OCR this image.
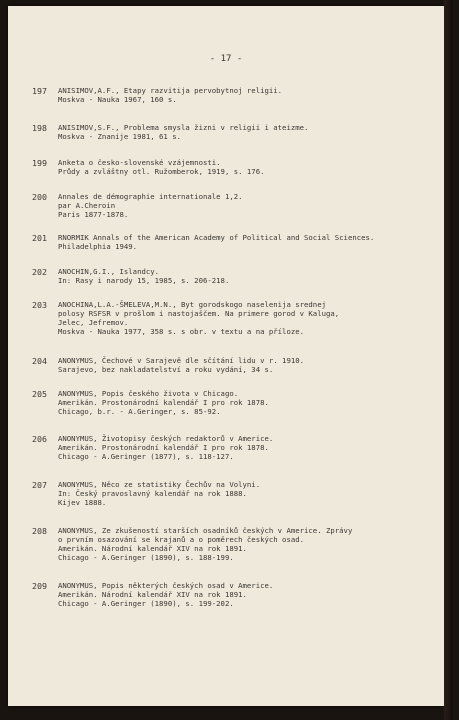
- 17 -
197 ANISIMOV,A.F., Etapy razvitija pervobytnoj religii.
Moskva - Nauka 1967, 160 s.
198 ANISIMOV,S.F., Problema smysla žizni v religii i ateizme.
Moskva - Znanije 1981, 61 s.
199 Anketa o česko-slovenské vzájemnosti.
Průdy a zvláštny otl. Ružomberok, 1919, s. 176.
200 Annales de démographie internationale 1,2.
par A.Cheroin
Paris 1877-1878.
201 RNORMIK Annals of the American Academy of Political and Social Sciences.
Philadelphia 1949.
202 ANOCHIN,G.I., Islandcy.
In: Rasy i narody 15, 1985, s. 206-218.
203 ANOCHINA,L.A.-ŠMELEVA,M.N., Byt gorodskogo naselenija srednej
polosy RSFSR v prošlom i nastojaščem. Na primere gorod v Kaluga,
Jelec, Jefremov.
Moskva - Nauka 1977, 358 s. s obr. v textu a na příloze.
204 ANONYMUS, Čechové v Sarajevě dle sčítání lidu v r. 1910.
Sarajevo, bez nakladatelství a roku vydání, 34 s.
205 ANONYMUS, Popis českého života v Chicago.
Amerikán. Prostonárodní kalendář I pro rok 1878.
Chicago, b.r. - A.Geringer, s. 85-92.
206 ANONYMUS, Životopisy českých redaktorů v Americe.
Amerikán. Prostonárodní kalendář I pro rok 1878.
Chicago - A.Geringer (1877), s. 118-127.
207 ANONYMUS, Něco ze statistiky Čechův na Volyni.
In: Český pravoslavný kalendář na rok 1888.
Kijev 1888.
208 ANONYMUS, Ze zkušeností starších osadníků českých v Americe. Zprávy
o prvním osazování se krajanů a o poměrech českých osad.
Amerikán. Národní kalendář XIV na rok 1891.
Chicago - A.Geringer (1890), s. 188-199.
209 ANONYMUS, Popis některých českých osad v Americe.
Amerikán. Národní kalendář XIV na rok 1891.
Chicago - A.Geringer (1890), s. 199-202.
